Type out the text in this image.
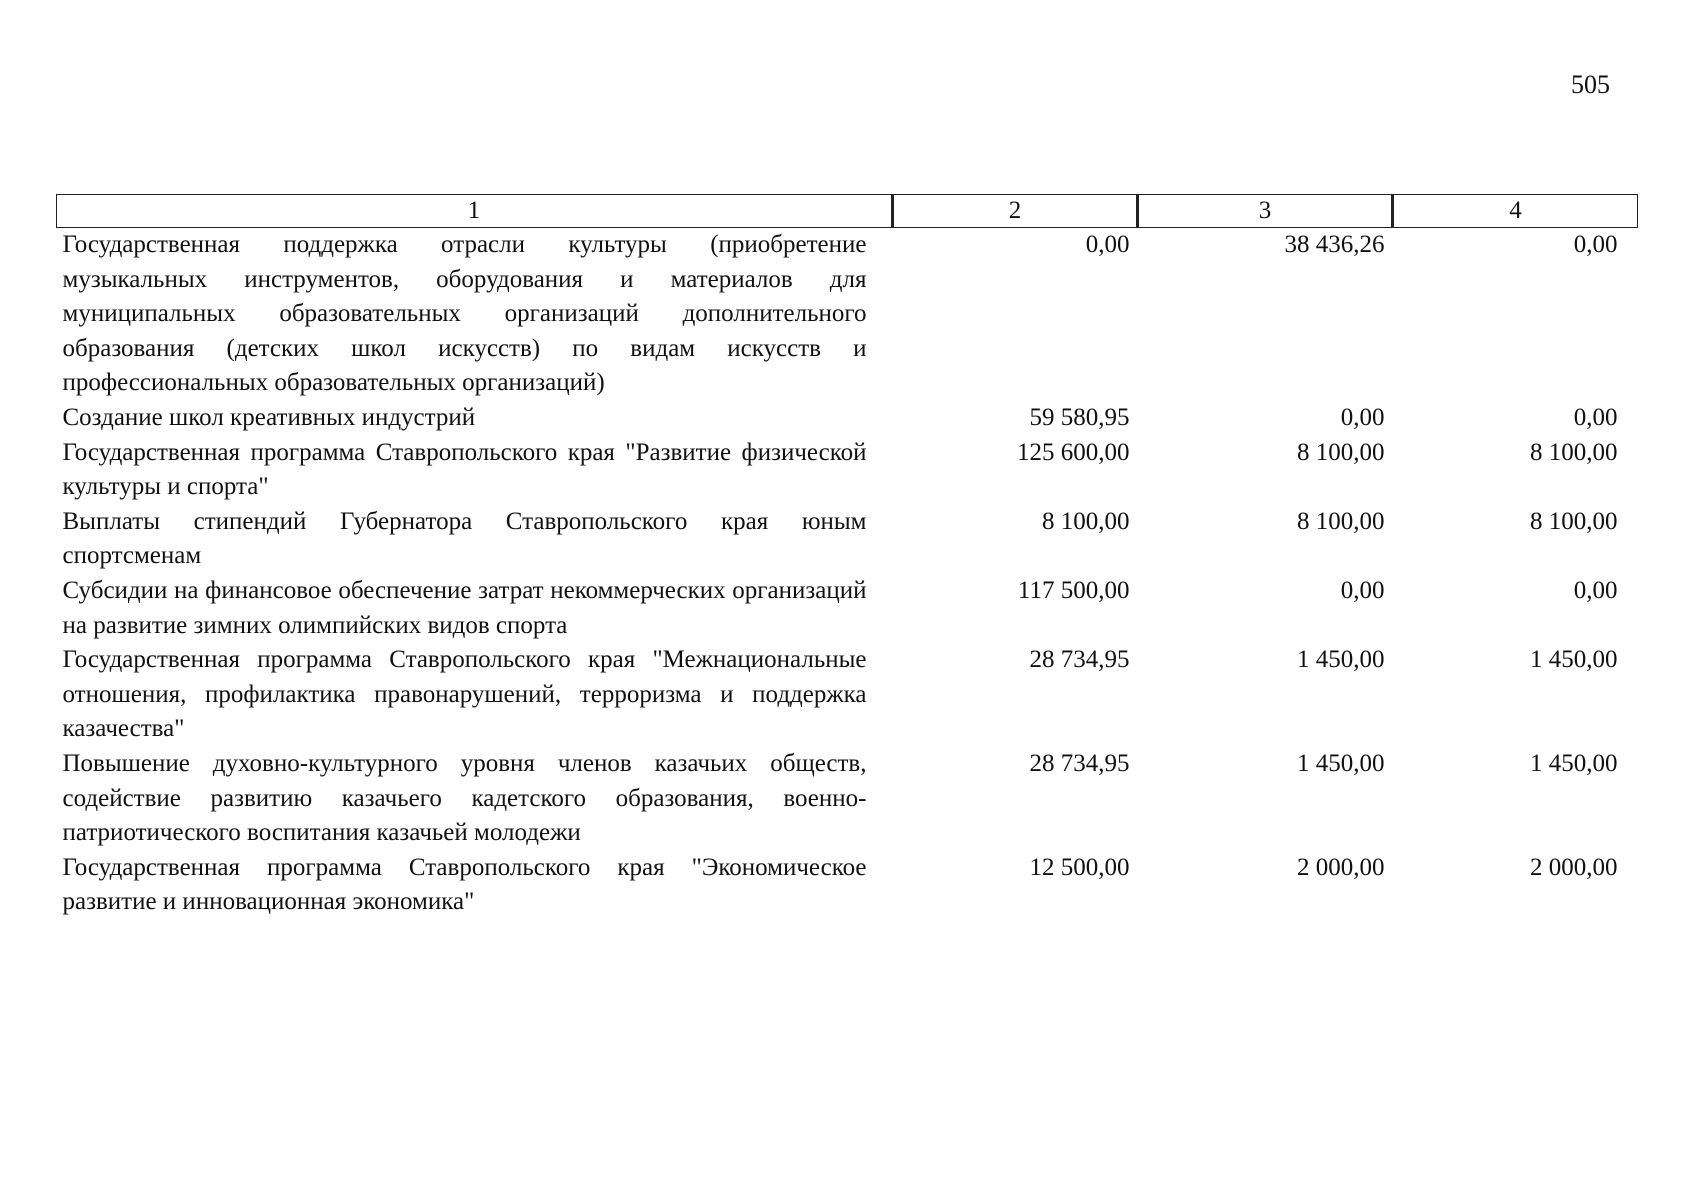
505
1	2	3	4
Государственная поддержка отрасли культуры (приобретение музыкальных инструментов, оборудования и материалов для муниципальных образовательных организаций дополнительного образования (детских школ искусств) по видам искусств и профессиональных образовательных организаций)	0,00	38 436,26	0,00
Создание школ креативных индустрий	59 580,95	0,00	0,00
Государственная программа Ставропольского края "Развитие физической культуры и спорта"	125 600,00	8 100,00	8 100,00
Выплаты стипендий Губернатора Ставропольского края юным спортсменам	8 100,00	8 100,00	8 100,00
Субсидии на финансовое обеспечение затрат некоммерческих организаций на развитие зимних олимпийских видов спорта	117 500,00	0,00	0,00
Государственная программа Ставропольского края "Межнациональные отношения, профилактика правонарушений, терроризма и поддержка казачества"	28 734,95	1 450,00	1 450,00
Повышение духовно-культурного уровня членов казачьих обществ, содействие развитию казачьего кадетского образования, военно-патриотического воспитания казачьей молодежи	28 734,95	1 450,00	1 450,00
Государственная программа Ставропольского края "Экономическое развитие и инновационная экономика"	12 500,00	2 000,00	2 000,00
